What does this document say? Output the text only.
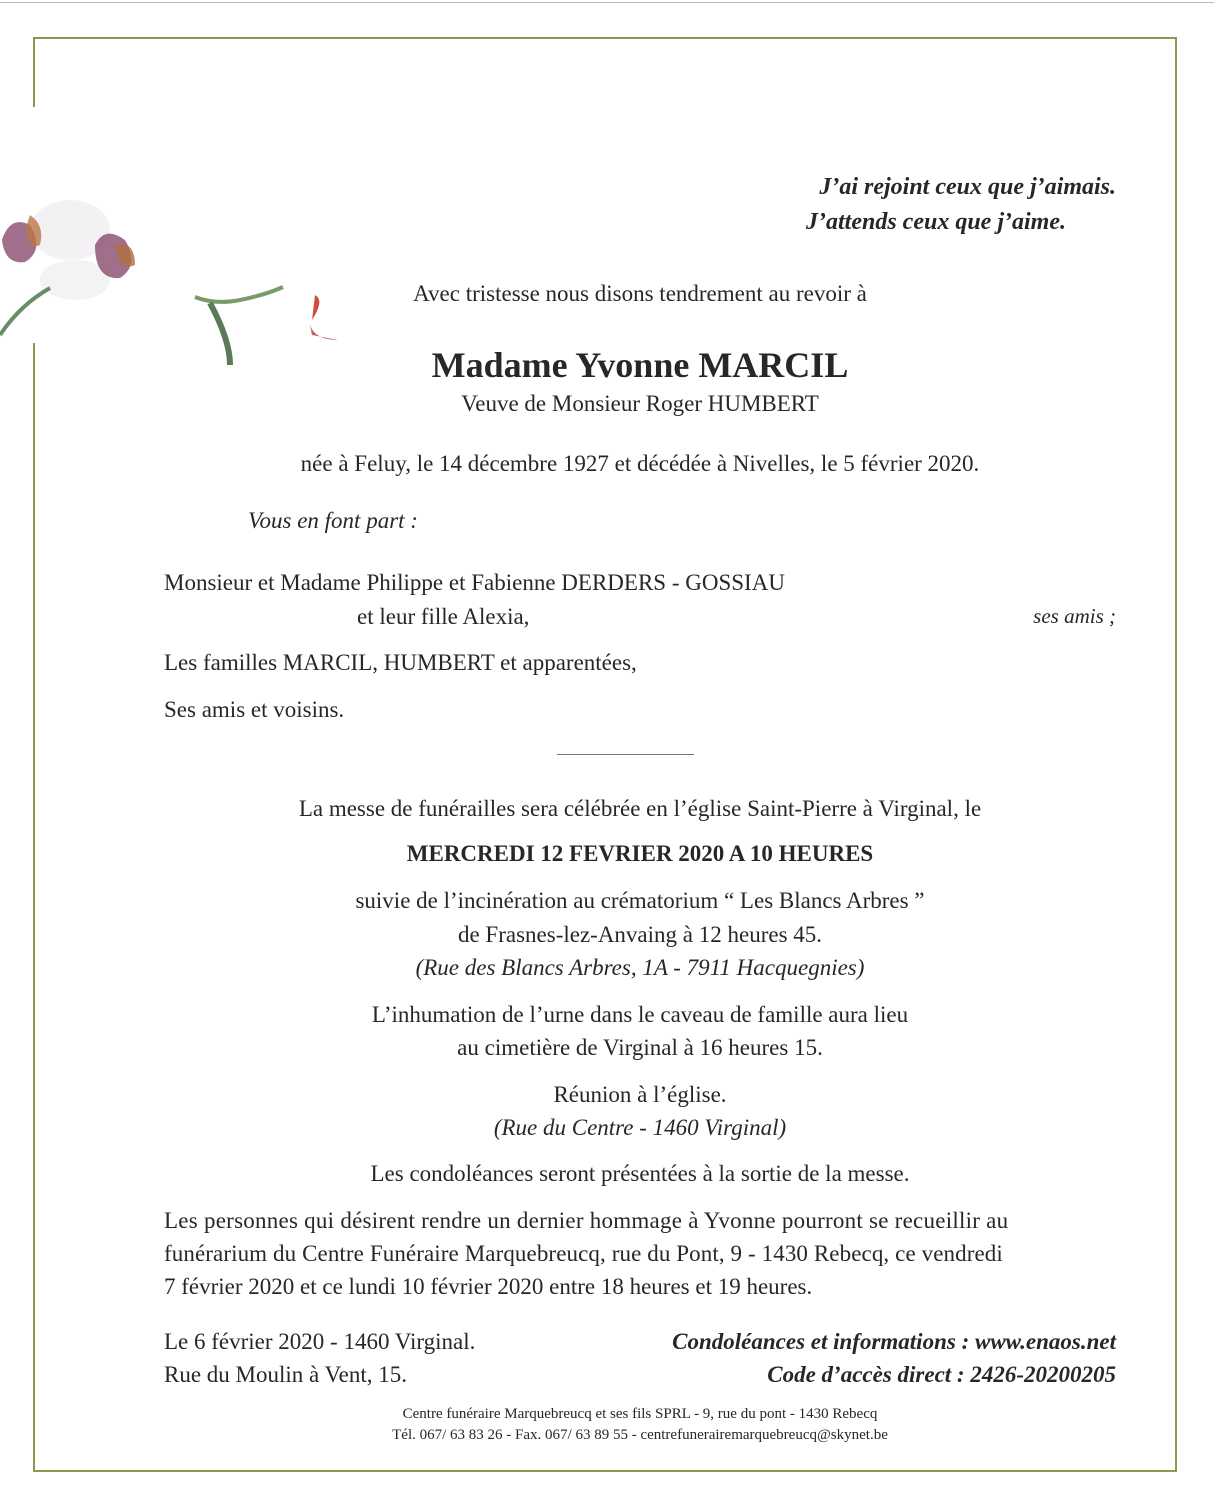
J’ai rejoint ceux que j’aimais.
J’attends ceux que j’aime.
Avec tristesse nous disons tendrement au revoir à
Madame Yvonne MARCIL
Veuve de Monsieur Roger HUMBERT
née à Feluy, le 14 décembre 1927 et décédée à Nivelles, le 5 février 2020.
Vous en font part :
Monsieur et Madame Philippe et Fabienne DERDERS - GOSSIAU
et leur fille Alexia,	ses amis ;
Les familles MARCIL, HUMBERT et apparentées,
Ses amis et voisins.
La messe de funérailles sera célébrée en l’église Saint-Pierre à Virginal, le
MERCREDI 12 FEVRIER 2020 A 10 HEURES
suivie de l’incinération au crématorium “ Les Blancs Arbres ”
de Frasnes-lez-Anvaing à 12 heures 45.
(Rue des Blancs Arbres, 1A - 7911 Hacquegnies)
L’inhumation de l’urne dans le caveau de famille aura lieu
au cimetière de Virginal à 16 heures 15.
Réunion à l’église.
(Rue du Centre - 1460 Virginal)
Les condoléances seront présentées à la sortie de la messe.
Les personnes qui désirent rendre un dernier hommage à Yvonne pourront se recueillir au
funérarium du Centre Funéraire Marquebreucq, rue du Pont, 9 - 1430 Rebecq, ce vendredi
7 février 2020 et ce lundi 10 février 2020 entre 18 heures et 19 heures.
Le 6 février 2020 - 1460 Virginal.
Rue du Moulin à Vent, 15.
Condoléances et informations : www.enaos.net
Code d’accès direct : 2426-20200205
Centre funéraire Marquebreucq et ses fils SPRL - 9, rue du pont - 1430 Rebecq
Tél. 067/ 63 83 26 - Fax. 067/ 63 89 55 - centrefunerairemarquebreucq@skynet.be
